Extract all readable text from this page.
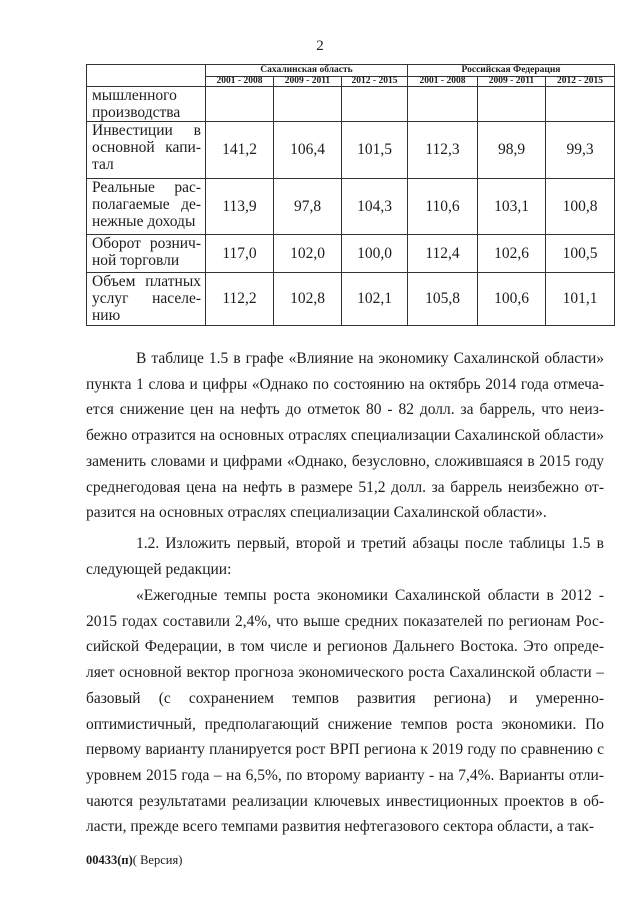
2
	Сахалинская область			Российская Федерация		
	2001 - 2008	2009 - 2011	2012 - 2015	2001 - 2008	2009 - 2011	2012 - 2015

мышленного
производства						

Инвестиции в
основной капи-
тал	141,2	106,4	101,5	112,3	98,9	99,3

Реальные рас-
полагаемые де-
нежные доходы	113,9	97,8	104,3	110,6	103,1	100,8

Оборот рознич-
ной торговли	117,0	102,0	100,0	112,4	102,6	100,5

Объем платных
услуг населе-
нию	112,2	102,8	102,1	105,8	100,6	101,1

В таблице 1.5 в графе «Влияние на экономику Сахалинской области»
пункта 1 слова и цифры «Однако по состоянию на октябрь 2014 года отмеча-
ется снижение цен на нефть до отметок 80 - 82 долл. за баррель, что неиз-
бежно отразится на основных отраслях специализации Сахалинской области»
заменить словами и цифрами «Однако, безусловно, сложившаяся в 2015 году
среднегодовая цена на нефть в размере 51,2 долл. за баррель неизбежно от-
разится на основных отраслях специализации Сахалинской области».

1.2. Изложить первый, второй и третий абзацы после таблицы 1.5 в
следующей редакции:

«Ежегодные темпы роста экономики Сахалинской области в 2012 -
2015 годах составили 2,4%, что выше средних показателей по регионам Рос-
сийской Федерации, в том числе и регионов Дальнего Востока. Это опреде-
ляет основной вектор прогноза экономического роста Сахалинской области –
базовый (с сохранением темпов развития региона) и умеренно-
оптимистичный, предполагающий снижение темпов роста экономики. По
первому варианту планируется рост ВРП региона к 2019 году по сравнению с
уровнем 2015 года – на 6,5%, по второму варианту - на 7,4%. Варианты отли-
чаются результатами реализации ключевых инвестиционных проектов в об-
ласти, прежде всего темпами развития нефтегазового сектора области, а так-

00433(п)( Версия)
